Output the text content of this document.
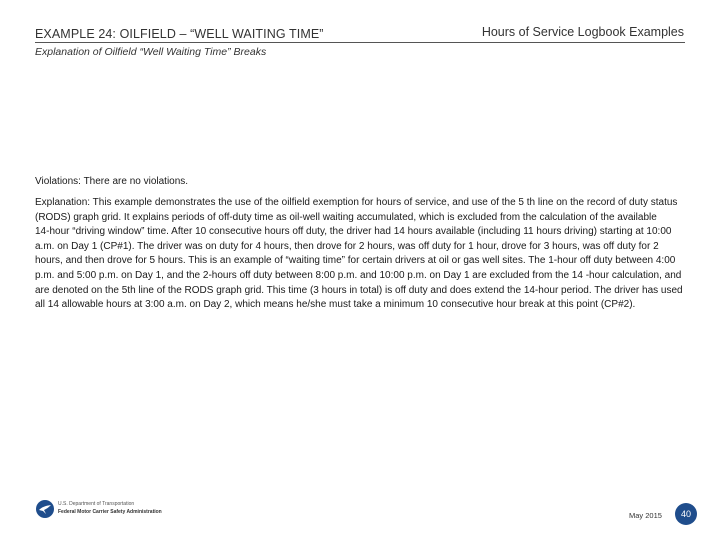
EXAMPLE 24: OILFIELD – “WELL WAITING TIME”	Hours of Service Logbook Examples
Explanation of Oilfield “Well Waiting Time” Breaks
Violations: There are no violations.

Explanation: This example demonstrates the use of the oilfield exemption for hours of service, and use of the 5 th line on the record of duty status (RODS) graph grid. It explains periods of off‑duty time as oil‑well waiting accumulated, which is excluded from the calculation of the available 14‑hour “driving window” time. After 10 consecutive hours off duty, the driver had 14 hours available (including 11 hours driving) starting at 10:00 a.m. on Day 1 (CP#1). The driver was on duty for 4 hours, then drove for 2 hours, was off duty for 1 hour, drove for 3 hours, was off duty for 2 hours, and then drove for 5 hours. This is an example of “waiting time” for certain drivers at oil or gas well sites. The 1‑hour off duty between 4:00 p.m. and 5:00 p.m. on Day 1, and the 2‑hours off duty between 8:00 p.m. and 10:00 p.m. on Day 1 are excluded from the 14 ‑hour calculation, and are denoted on the 5th line of the RODS graph grid. This time (3 hours in total) is off duty and does extend the 14‑hour period. The driver has used all 14 allowable hours at 3:00 a.m. on Day 2, which means he/she must take a minimum 10 consecutive hour break at this point (CP#2).

U.S. Department of Transportation
Federal Motor Carrier Safety Administration	May 2015	40
